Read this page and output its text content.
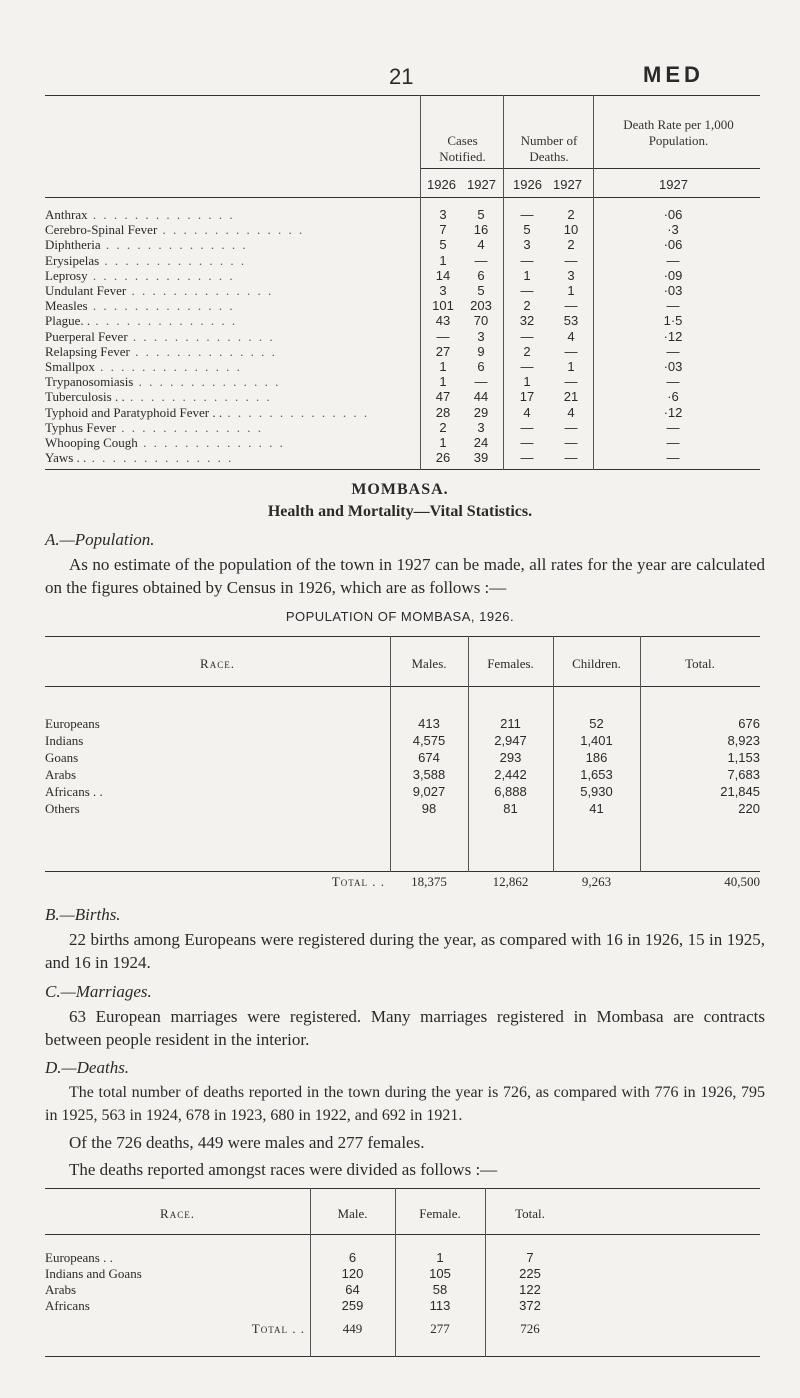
21	MED
Cases Notified.
Number of Deaths.
Death Rate per 1,000 Population.
1926 1927 1926 1927	1927
Anthrax . . . . . . . . . . . . . .	3	5	—	2	·06
Cerebro-Spinal Fever . . . . . . . . . . . . . .	7	16	5	10	·3
Diphtheria . . . . . . . . . . . . . .	5	4	3	2	·06
Erysipelas . . . . . . . . . . . . . .	1	—	—	—	—
Leprosy . . . . . . . . . . . . . .	14	6	1	3	·09
Undulant Fever . . . . . . . . . . . . . .	3	5	—	1	·03
Measles . . . . . . . . . . . . . .	101	203	2	—	—
Plague. . . . . . . . . . . . . . . .	43	70	32	53	1·5
Puerperal Fever . . . . . . . . . . . . . .	—	3	—	4	·12
Relapsing Fever . . . . . . . . . . . . . .	27	9	2	—	—
Smallpox . . . . . . . . . . . . . .	1	6	—	1	·03
Trypanosomiasis . . . . . . . . . . . . . .	1	—	1	—	—
Tuberculosis . . . . . . . . . . . . . . . .	47	44	17	21	·6
Typhoid and Paratyphoid Fever . . . . . . . . . . . . . . . .	28	29	4	4	·12
Typhus Fever . . . . . . . . . . . . . .	2	3	—	—	—
Whooping Cough . . . . . . . . . . . . . .	1	24	—	—	—
Yaws . . . . . . . . . . . . . . . .	26	39	—	—	—
MOMBASA.
Health and Mortality—Vital Statistics.
A.—Population.
As no estimate of the population of the town in 1927 can be made, all rates for the year are calculated on the figures obtained by Census in 1926, which are as follows :—
POPULATION OF MOMBASA, 1926.
Race.	Males.	Females.	Children.	Total.
Europeans	413	211	52	676
Indians	4,575	2,947	1,401	8,923
Goans	674	293	186	1,153
Arabs	3,588	2,442	1,653	7,683
Africans . .	9,027	6,888	5,930	21,845
Others	98	81	41	220
Total . .	18,375	12,862	9,263	40,500
B.—Births.
22 births among Europeans were registered during the year, as compared with 16 in 1926, 15 in 1925, and 16 in 1924.
C.—Marriages.
63 European marriages were registered. Many marriages registered in Mombasa are contracts between people resident in the interior.
D.—Deaths.
The total number of deaths reported in the town during the year is 726, as compared with 776 in 1926, 795 in 1925, 563 in 1924, 678 in 1923, 680 in 1922, and 692 in 1921.
Of the 726 deaths, 449 were males and 277 females.
The deaths reported amongst races were divided as follows :—
Race.	Male.	Female.	Total.
Europeans . .	6	1	7
Indians and Goans	120	105	225
Arabs	64	58	122
Africans	259	113	372
Total . .	449	277	726
